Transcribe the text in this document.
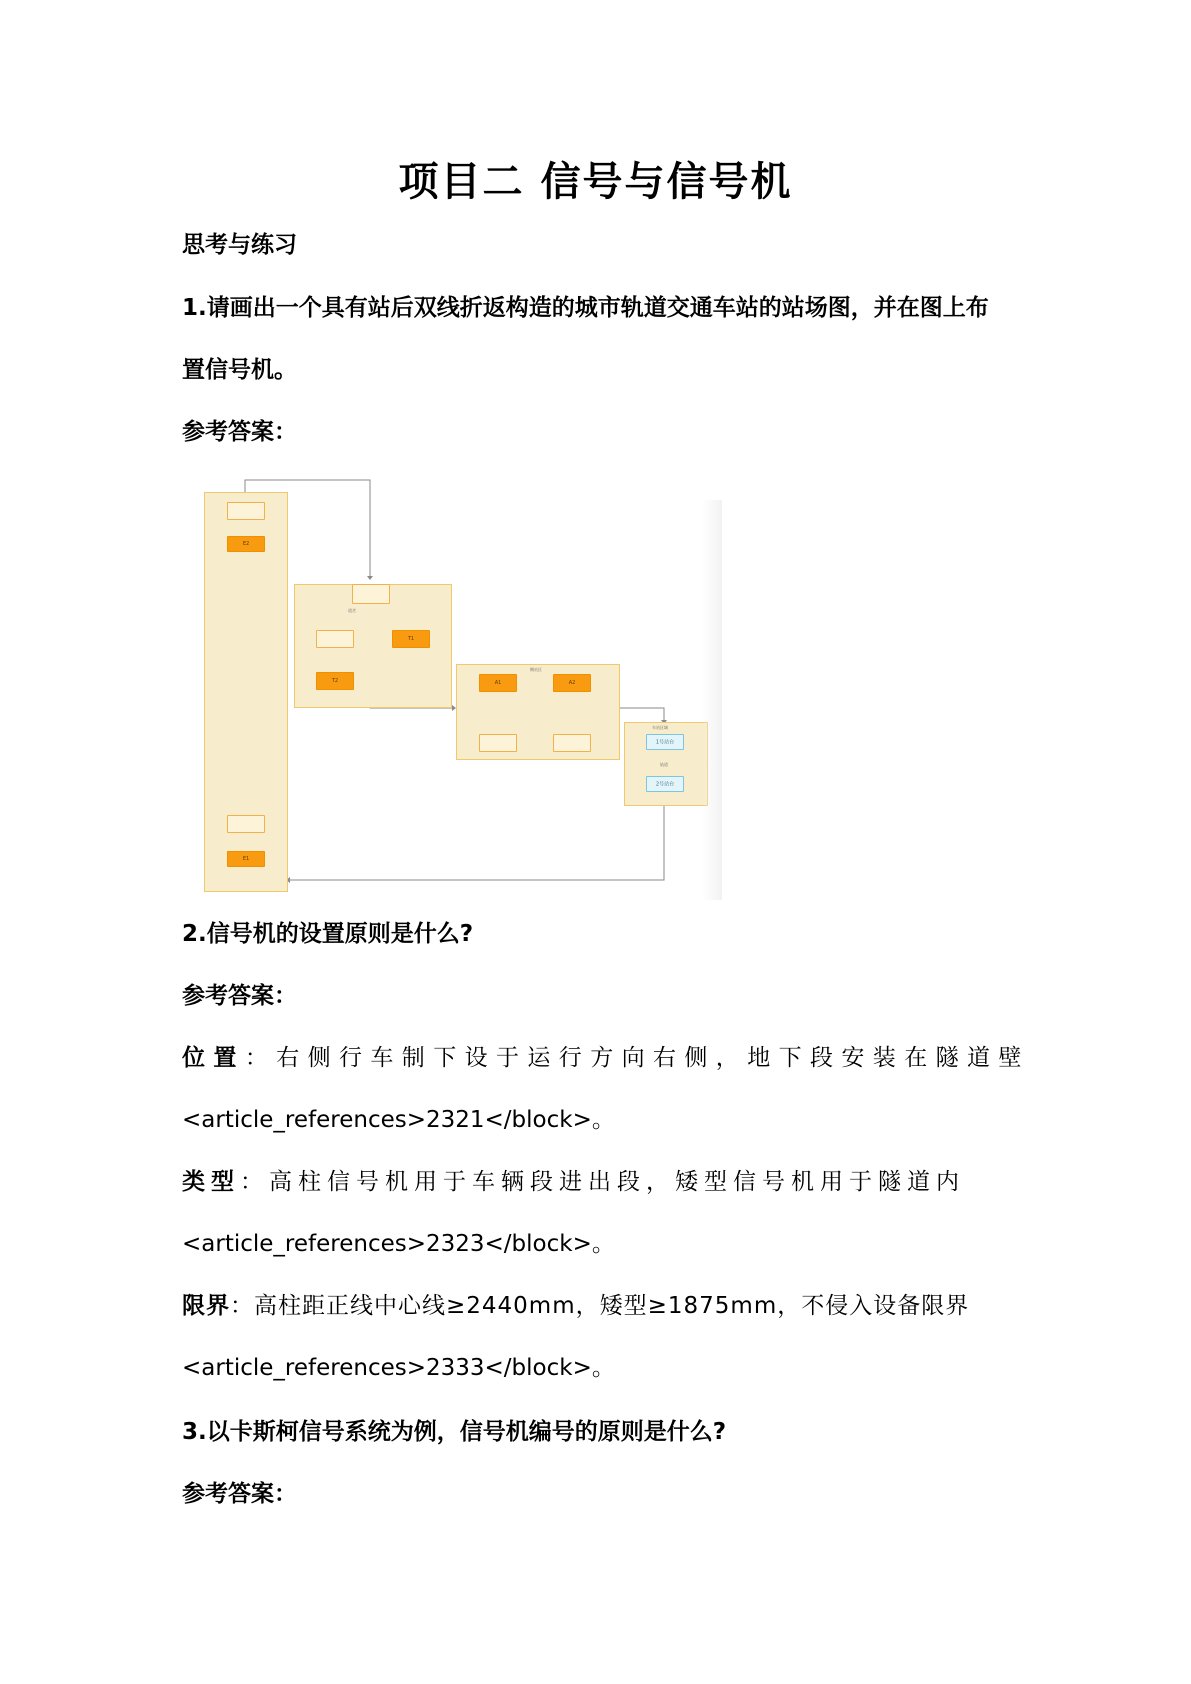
项目二 信号与信号机
思考与练习
1.请画出一个具有站后双线折返构造的城市轨道交通车站的站场图，并在图上布
置信号机。
参考答案：
E2
E1
T1
T2
道岔
侧站区
A1	A2
车站区域
1号站台
轨道
2号站台
2.信号机的设置原则是什么?
参考答案：
位置：右侧行车制下设于运行方向右侧，地下段安装在隧道壁
<article_references>2321</block>。
类型：高柱信号机用于车辆段进出段，矮型信号机用于隧道内
<article_references>2323</block>。
限界：高柱距正线中心线≥2440mm，矮型≥1875mm，不侵入设备限界
<article_references>2333</block>。
3.以卡斯柯信号系统为例，信号机编号的原则是什么?
参考答案：
